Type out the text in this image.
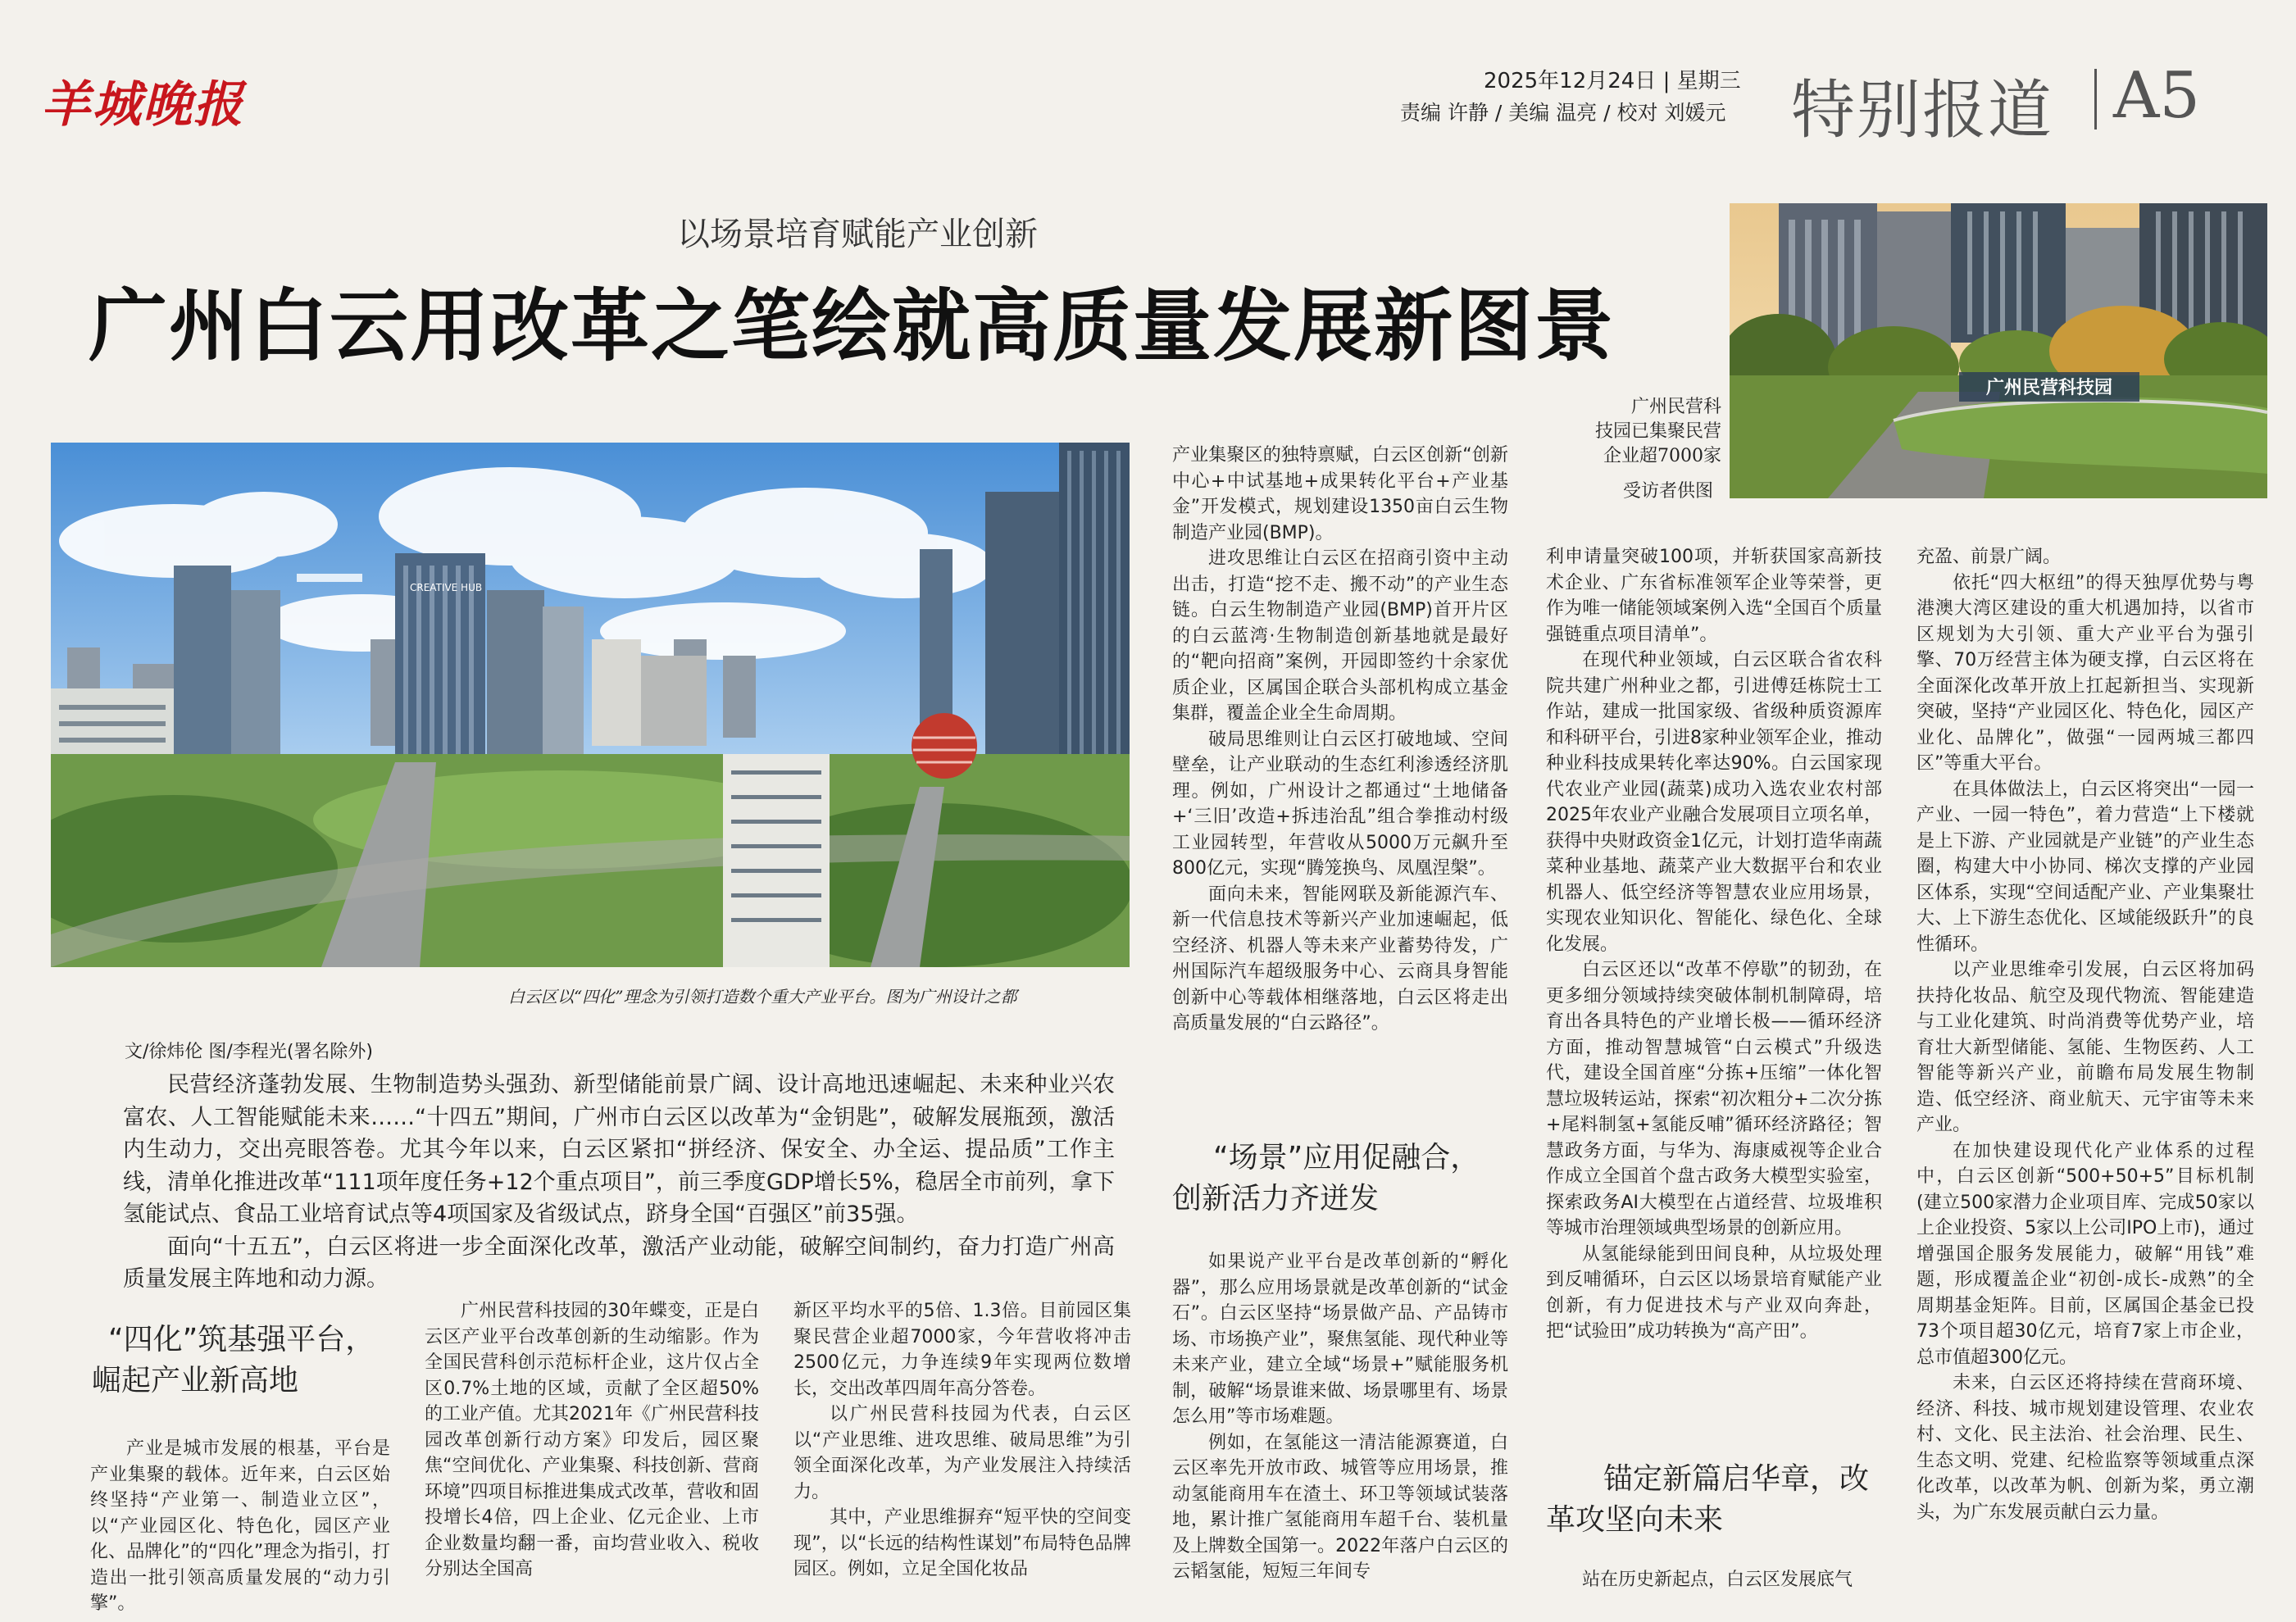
羊城晚报	2025年12月24日 | 星期三
责编 许静 / 美编 温亮 / 校对 刘媛元 特别报道 A5
以场景培育赋能产业创新
广州白云用改革之笔绘就高质量发展新图景
广州民营科技园
广州民营科
技园已集聚民营
企业超7000家
受访者供图
白云区以“四化”理念为引领打造数个重大产业平台。图为广州设计之都
文/徐炜伦 图/李程光(署名除外)

民营经济蓬勃发展、生物制造势头强劲、新型储能前景广阔、设计高地迅速崛起、未来种业兴农富农、人工智能赋能未来……“十四五”期间，广州市白云区以改革为“金钥匙”，破解发展瓶颈，激活内生动力，交出亮眼答卷。尤其今年以来，白云区紧扣“拼经济、保安全、办全运、提品质”工作主线，清单化推进改革“111项年度任务+12个重点项目”，前三季度GDP增长5%，稳居全市前列，拿下氢能试点、食品工业培育试点等4项国家及省级试点，跻身全国“百强区”前35强。

面向“十五五”，白云区将进一步全面深化改革，激活产业动能，破解空间制约，奋力打造广州高质量发展主阵地和动力源。

“四化”筑基强平台，
崛起产业新高地

产业是城市发展的根基，平台是产业集聚的载体。近年来，白云区始终坚持“产业第一、制造业立区”，以“产业园区化、特色化，园区产业化、品牌化”的“四化”理念为指引，打造出一批引领高质量发展的“动力引擎”。

广州民营科技园的30年蝶变，正是白云区产业平台改革创新的生动缩影。作为全国民营科创示范标杆企业，这片仅占全区0.7%土地的区域，贡献了全区超50%的工业产值。尤其2021年《广州民营科技园改革创新行动方案》印发后，园区聚焦“空间优化、产业集聚、科技创新、营商环境”四项目标推进集成式改革，营收和固投增长4倍，四上企业、亿元企业、上市企业数量均翻一番，亩均营业收入、税收分别达全国高

新区平均水平的5倍、1.3倍。目前园区集聚民营企业超7000家，今年营收将冲击2500亿元，力争连续9年实现两位数增长，交出改革四周年高分答卷。

以广州民营科技园为代表，白云区以“产业思维、进攻思维、破局思维”为引领全面深化改革，为产业发展注入持续活力。

其中，产业思维摒弃“短平快的空间变现”，以“长远的结构性谋划”布局特色品牌园区。例如，立足全国化妆品

产业集聚区的独特禀赋，白云区创新“创新中心+中试基地+成果转化平台+产业基金”开发模式，规划建设1350亩白云生物制造产业园(BMP)。

进攻思维让白云区在招商引资中主动出击，打造“挖不走、搬不动”的产业生态链。白云生物制造产业园(BMP)首开片区的白云蓝湾·生物制造创新基地就是最好的“靶向招商”案例，开园即签约十余家优质企业，区属国企联合头部机构成立基金集群，覆盖企业全生命周期。

破局思维则让白云区打破地域、空间壁垒，让产业联动的生态红利渗透经济肌理。例如，广州设计之都通过“土地储备+‘三旧’改造+拆违治乱”组合拳推动村级工业园转型，年营收从5000万元飙升至800亿元，实现“腾笼换鸟、凤凰涅槃”。

面向未来，智能网联及新能源汽车、新一代信息技术等新兴产业加速崛起，低空经济、机器人等未来产业蓄势待发，广州国际汽车超级服务中心、云商具身智能创新中心等载体相继落地，白云区将走出高质量发展的“白云路径”。

“场景”应用促融合，
创新活力齐迸发

如果说产业平台是改革创新的“孵化器”，那么应用场景就是改革创新的“试金石”。白云区坚持“场景做产品、产品铸市场、市场换产业”，聚焦氢能、现代种业等未来产业，建立全域“场景+”赋能服务机制，破解“场景谁来做、场景哪里有、场景怎么用”等市场难题。

例如，在氢能这一清洁能源赛道，白云区率先开放市政、城管等应用场景，推动氢能商用车在渣土、环卫等领域试装落地，累计推广氢能商用车超千台、装机量及上牌数全国第一。2022年落户白云区的云韬氢能，短短三年间专

利申请量突破100项，并斩获国家高新技术企业、广东省标准领军企业等荣誉，更作为唯一储能领域案例入选“全国百个质量强链重点项目清单”。

在现代种业领域，白云区联合省农科院共建广州种业之都，引进傅廷栋院士工作站，建成一批国家级、省级种质资源库和科研平台，引进8家种业领军企业，推动种业科技成果转化率达90%。白云国家现代农业产业园(蔬菜)成功入选农业农村部2025年农业产业融合发展项目立项名单，获得中央财政资金1亿元，计划打造华南蔬菜种业基地、蔬菜产业大数据平台和农业机器人、低空经济等智慧农业应用场景，实现农业知识化、智能化、绿色化、全球化发展。

白云区还以“改革不停歇”的韧劲，在更多细分领域持续突破体制机制障碍，培育出各具特色的产业增长极——循环经济方面，推动智慧城管“白云模式”升级迭代，建设全国首座“分拣+压缩”一体化智慧垃圾转运站，探索“初次粗分+二次分拣+尾料制氢+氢能反哺”循环经济路径；智慧政务方面，与华为、海康威视等企业合作成立全国首个盘古政务大模型实验室，探索政务AI大模型在占道经营、垃圾堆积等城市治理领域典型场景的创新应用。

从氢能绿能到田间良种，从垃圾处理到反哺循环，白云区以场景培育赋能产业创新，有力促进技术与产业双向奔赴，把“试验田”成功转换为“高产田”。

锚定新篇启华章，改
革攻坚向未来

站在历史新起点，白云区发展底气

充盈、前景广阔。

依托“四大枢纽”的得天独厚优势与粤港澳大湾区建设的重大机遇加持，以省市区规划为大引领、重大产业平台为强引擎、70万经营主体为硬支撑，白云区将在全面深化改革开放上扛起新担当、实现新突破，坚持“产业园区化、特色化，园区产业化、品牌化”，做强“一园两城三都四区”等重大平台。

在具体做法上，白云区将突出“一园一产业、一园一特色”，着力营造“上下楼就是上下游、产业园就是产业链”的产业生态圈，构建大中小协同、梯次支撑的产业园区体系，实现“空间适配产业、产业集聚壮大、上下游生态优化、区域能级跃升”的良性循环。

以产业思维牵引发展，白云区将加码扶持化妆品、航空及现代物流、智能建造与工业化建筑、时尚消费等优势产业，培育壮大新型储能、氢能、生物医药、人工智能等新兴产业，前瞻布局发展生物制造、低空经济、商业航天、元宇宙等未来产业。

在加快建设现代化产业体系的过程中，白云区创新“500+50+5”目标机制(建立500家潜力企业项目库、完成50家以上企业投资、5家以上公司IPO上市)，通过增强国企服务发展能力，破解“用钱”难题，形成覆盖企业“初创-成长-成熟”的全周期基金矩阵。目前，区属国企基金已投73个项目超30亿元，培育7家上市企业，总市值超300亿元。

未来，白云区还将持续在营商环境、经济、科技、城市规划建设管理、农业农村、文化、民主法治、社会治理、民生、生态文明、党建、纪检监察等领域重点深化改革，以改革为帆、创新为桨，勇立潮头，为广东发展贡献白云力量。

CREATIVE HUB
